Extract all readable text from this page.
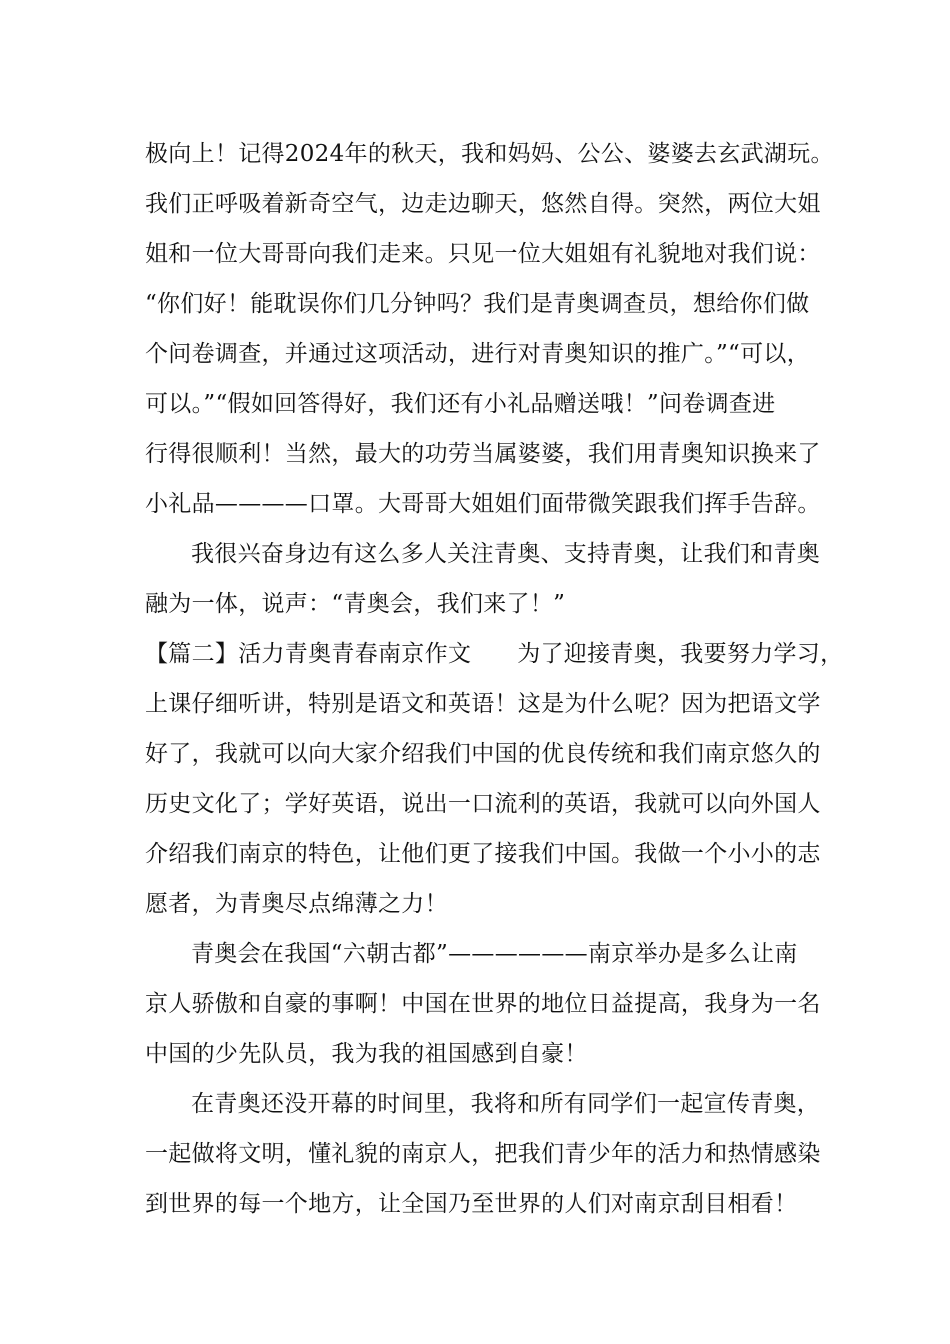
极向上！记得2024年的秋天，我和妈妈、公公、婆婆去玄武湖玩。
我们正呼吸着新奇空气，边走边聊天，悠然自得。突然，两位大姐
姐和一位大哥哥向我们走来。只见一位大姐姐有礼貌地对我们说：
“你们好！能耽误你们几分钟吗？我们是青奥调查员，想给你们做
个问卷调查，并通过这项活动，进行对青奥知识的推广。”“可以，
可以。”“假如回答得好，我们还有小礼品赠送哦！”问卷调查进
行得很顺利！当然，最大的功劳当属婆婆，我们用青奥知识换来了
小礼品————口罩。大哥哥大姐姐们面带微笑跟我们挥手告辞。

我很兴奋身边有这么多人关注青奥、支持青奥，让我们和青奥
融为一体，说声：“青奥会，我们来了！”

【篇二】活力青奥青春南京作文 为了迎接青奥，我要努力学习，
上课仔细听讲，特别是语文和英语！这是为什么呢？因为把语文学
好了，我就可以向大家介绍我们中国的优良传统和我们南京悠久的
历史文化了；学好英语，说出一口流利的英语，我就可以向外国人
介绍我们南京的特色，让他们更了接我们中国。我做一个小小的志
愿者，为青奥尽点绵薄之力！

青奥会在我国“六朝古都”——————南京举办是多么让南
京人骄傲和自豪的事啊！中国在世界的地位日益提高，我身为一名
中国的少先队员，我为我的祖国感到自豪！

在青奥还没开幕的时间里，我将和所有同学们一起宣传青奥，
一起做将文明，懂礼貌的南京人，把我们青少年的活力和热情感染
到世界的每一个地方，让全国乃至世界的人们对南京刮目相看！
